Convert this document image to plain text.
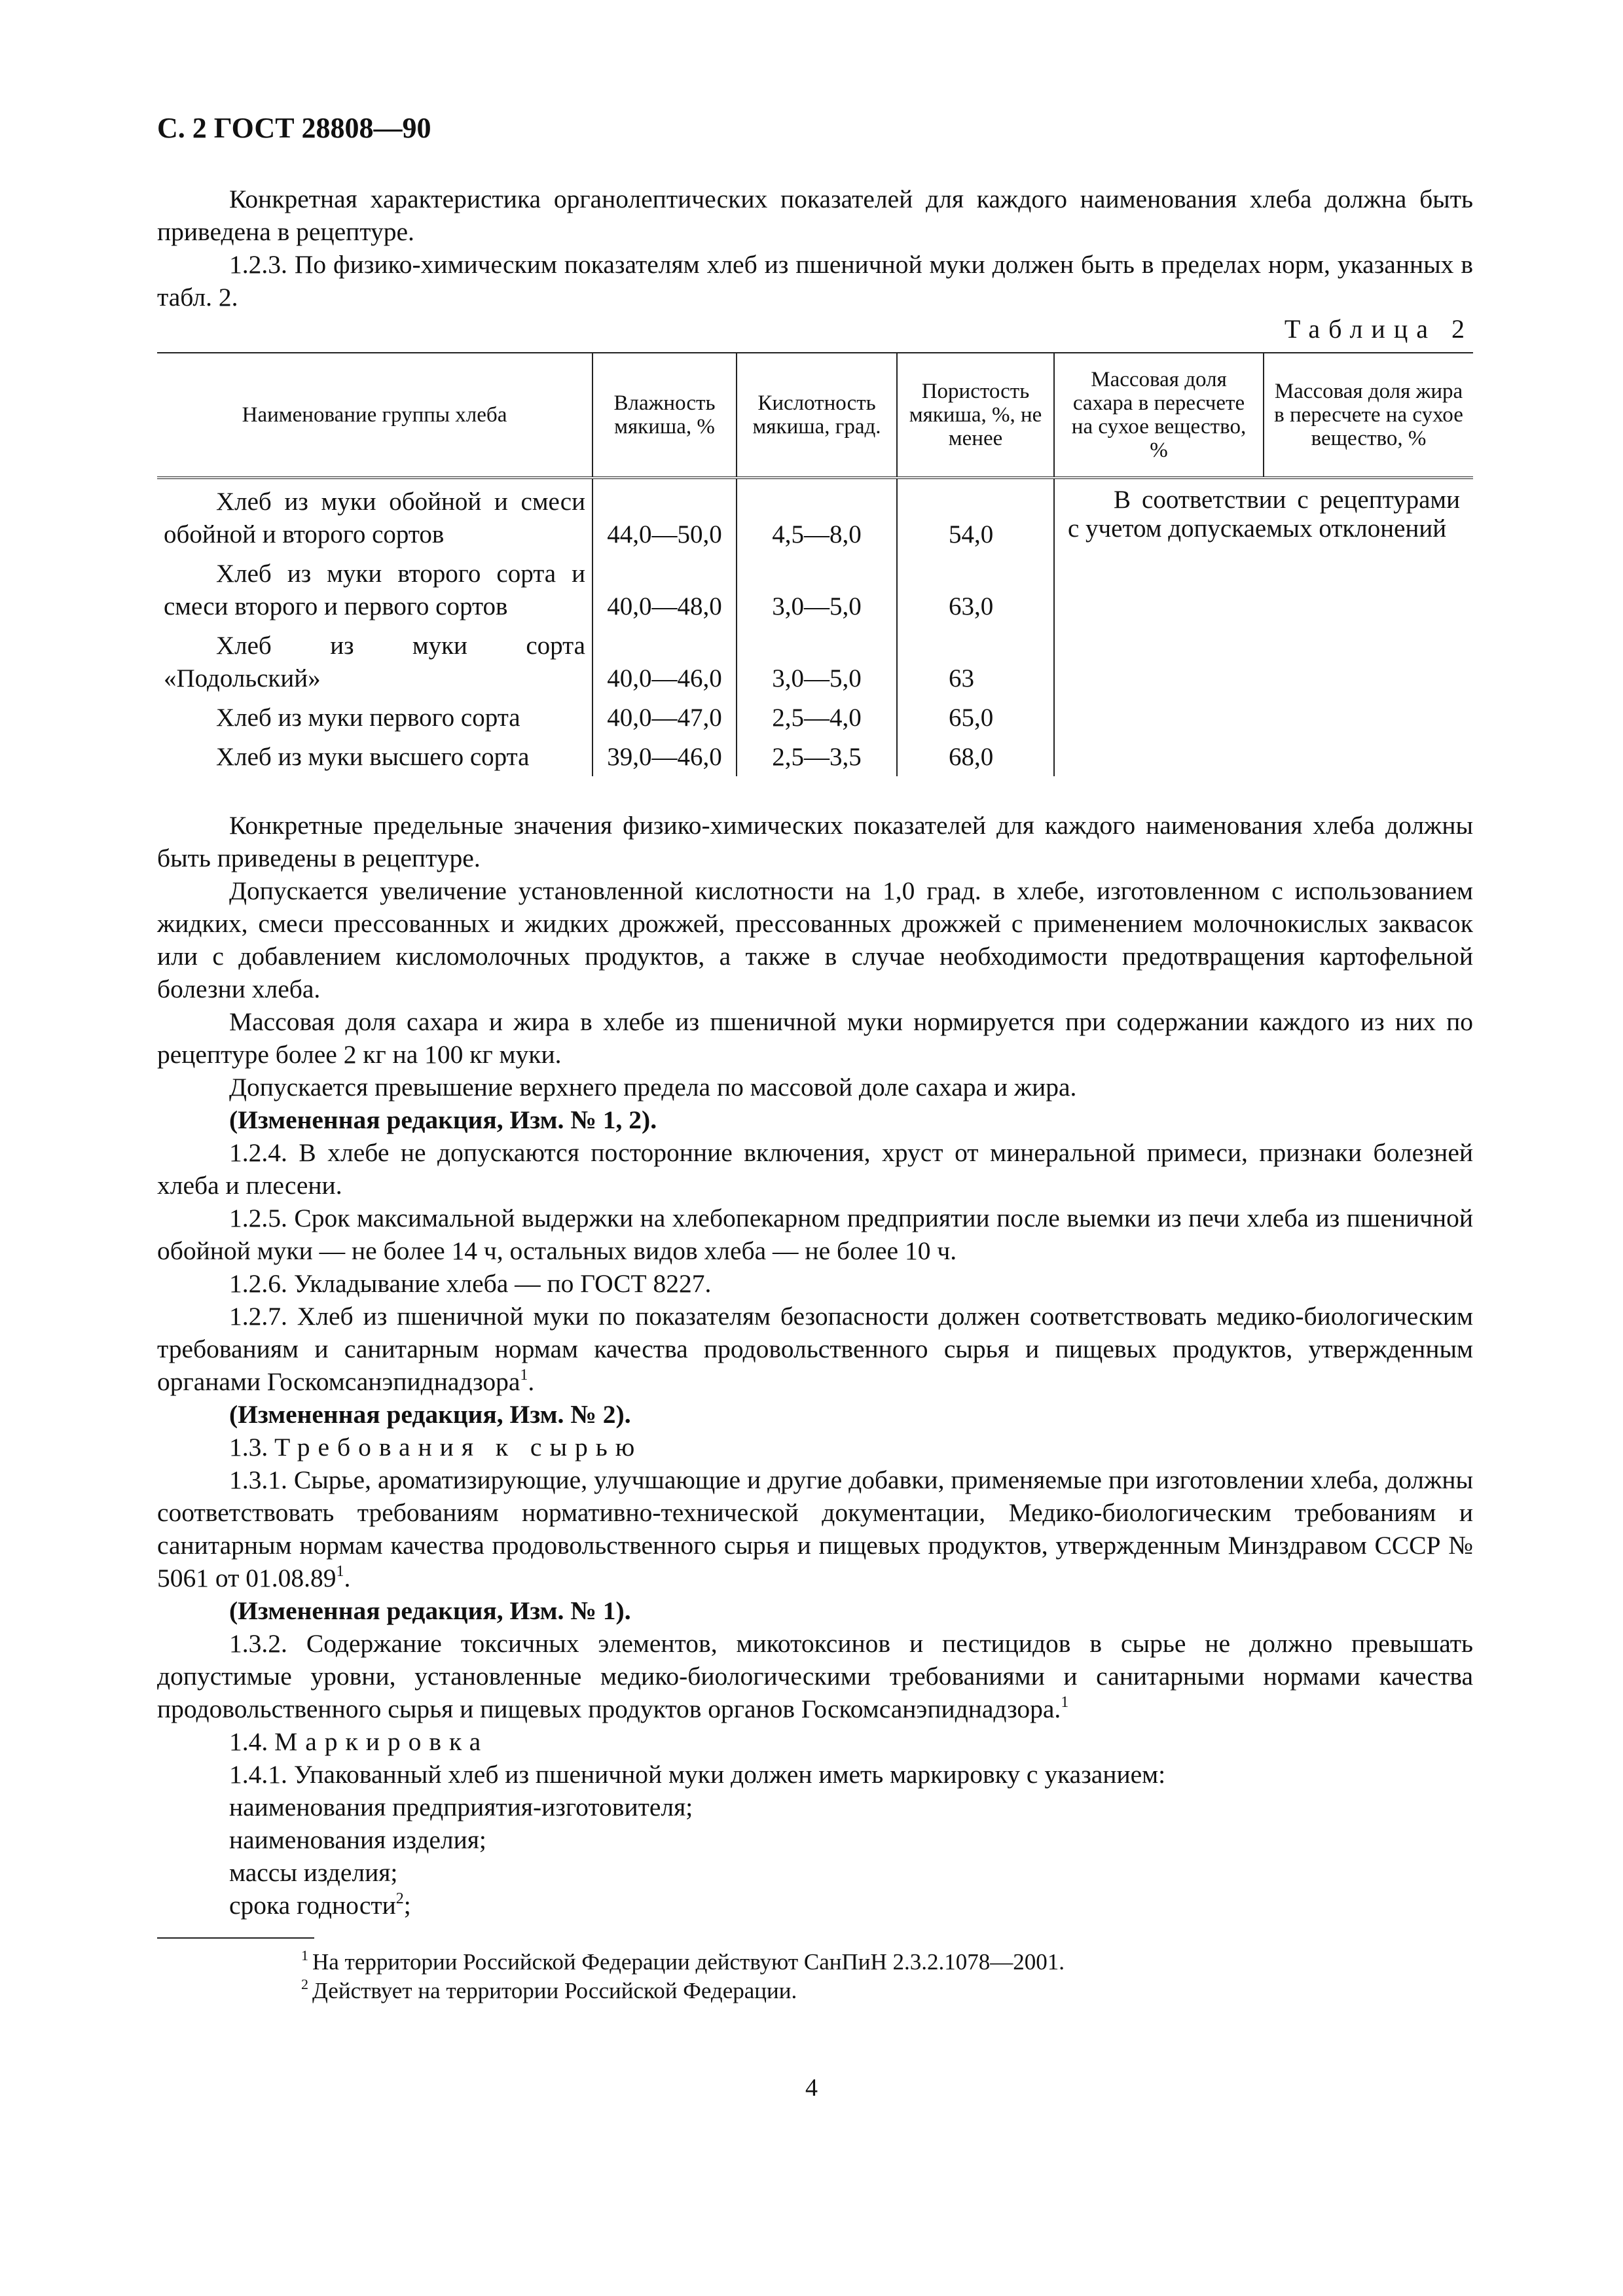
С. 2 ГОСТ 28808—90

Конкретная характеристика органолептических показателей для каждого наименования хлеба должна быть приведена в рецептуре.

1.2.3. По физико-химическим показателям хлеб из пшеничной муки должен быть в пределах норм, указанных в табл. 2.

Таблица 2
Наименование группы хлеба	Влажность мякиша, %	Кислотность мякиша, град.	Пористость мякиша, %, не менее	Массовая доля сахара в пересчете на сухое вещество, %	Массовая доля жира в пересчете на сухое вещество, %
Хлеб из муки обойной и смеси обойной и второго сортов	44,0—50,0	4,5—8,0	54,0	В соответствии с рецептурами с учетом допускаемых отклонений	
Хлеб из муки второго сорта и смеси второго и первого сортов	40,0—48,0	3,0—5,0	63,0		
Хлеб из муки сорта «Подольский»	40,0—46,0	3,0—5,0	63		
Хлеб из муки первого сорта	40,0—47,0	2,5—4,0	65,0		
Хлеб из муки высшего сорта	39,0—46,0	2,5—3,5	68,0		

Конкретные предельные значения физико-химических показателей для каждого наименования хлеба должны быть приведены в рецептуре.

Допускается увеличение установленной кислотности на 1,0 град. в хлебе, изготовленном с использованием жидких, смеси прессованных и жидких дрожжей, прессованных дрожжей с применением молочнокислых заквасок или с добавлением кисломолочных продуктов, а также в случае необходимости предотвращения картофельной болезни хлеба.

Массовая доля сахара и жира в хлебе из пшеничной муки нормируется при содержании каждого из них по рецептуре более 2 кг на 100 кг муки.

Допускается превышение верхнего предела по массовой доле сахара и жира.

(Измененная редакция, Изм. № 1, 2).

1.2.4. В хлебе не допускаются посторонние включения, хруст от минеральной примеси, признаки болезней хлеба и плесени.

1.2.5. Срок максимальной выдержки на хлебопекарном предприятии после выемки из печи хлеба из пшеничной обойной муки — не более 14 ч, остальных видов хлеба — не более 10 ч.

1.2.6. Укладывание хлеба — по ГОСТ 8227.

1.2.7. Хлеб из пшеничной муки по показателям безопасности должен соответствовать медико-биологическим требованиям и санитарным нормам качества продовольственного сырья и пищевых продуктов, утвержденным органами Госкомсанэпиднадзора$^1$.

(Измененная редакция, Изм. № 2).

1.3. Требования к сырью

1.3.1. Сырье, ароматизирующие, улучшающие и другие добавки, применяемые при изготовлении хлеба, должны соответствовать требованиям нормативно-технической документации, Медико-биологическим требованиям и санитарным нормам качества продовольственного сырья и пищевых продуктов, утвержденным Минздравом СССР № 5061 от 01.08.89$^1$.

(Измененная редакция, Изм. № 1).

1.3.2. Содержание токсичных элементов, микотоксинов и пестицидов в сырье не должно превышать допустимые уровни, установленные медико-биологическими требованиями и санитарными нормами качества продовольственного сырья и пищевых продуктов органов Госкомсанэпиднадзора.$^1$

1.4. Маркировка

1.4.1. Упакованный хлеб из пшеничной муки должен иметь маркировку с указанием:

наименования предприятия-изготовителя;

наименования изделия;

массы изделия;

срока годности$^2$;

$^1$ На территории Российской Федерации действуют СанПиН 2.3.2.1078—2001.

$^2$ Действует на территории Российской Федерации.

4
